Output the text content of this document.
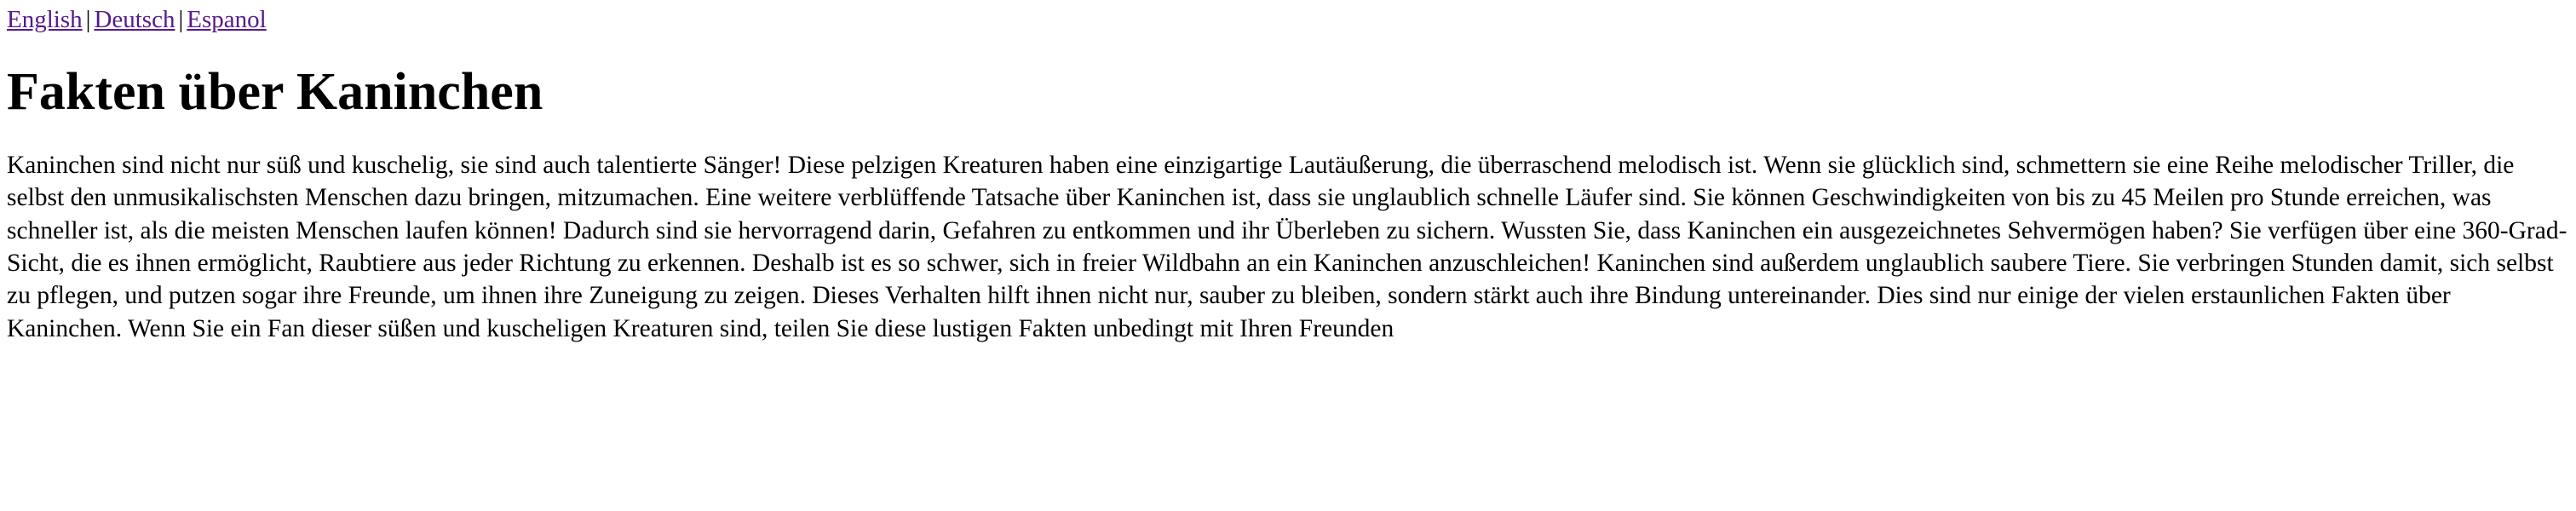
English | Deutsch | Espanol
Fakten über Kaninchen

Kaninchen sind nicht nur süß und kuschelig, sie sind auch talentierte Sänger! Diese pelzigen Kreaturen haben eine einzigartige Lautäußerung, die überraschend melodisch ist. Wenn sie glücklich sind, schmettern sie eine Reihe melodischer Triller, die selbst den unmusikalischsten Menschen dazu bringen, mitzumachen. Eine weitere verblüffende Tatsache über Kaninchen ist, dass sie unglaublich schnelle Läufer sind. Sie können Geschwindigkeiten von bis zu 45 Meilen pro Stunde erreichen, was schneller ist, als die meisten Menschen laufen können! Dadurch sind sie hervorragend darin, Gefahren zu entkommen und ihr Überleben zu sichern. Wussten Sie, dass Kaninchen ein ausgezeichnetes Sehvermögen haben? Sie verfügen über eine 360-Grad-Sicht, die es ihnen ermöglicht, Raubtiere aus jeder Richtung zu erkennen. Deshalb ist es so schwer, sich in freier Wildbahn an ein Kaninchen anzuschleichen! Kaninchen sind außerdem unglaublich saubere Tiere. Sie verbringen Stunden damit, sich selbst zu pflegen, und putzen sogar ihre Freunde, um ihnen ihre Zuneigung zu zeigen. Dieses Verhalten hilft ihnen nicht nur, sauber zu bleiben, sondern stärkt auch ihre Bindung untereinander. Dies sind nur einige der vielen erstaunlichen Fakten über Kaninchen. Wenn Sie ein Fan dieser süßen und kuscheligen Kreaturen sind, teilen Sie diese lustigen Fakten unbedingt mit Ihren Freunden
